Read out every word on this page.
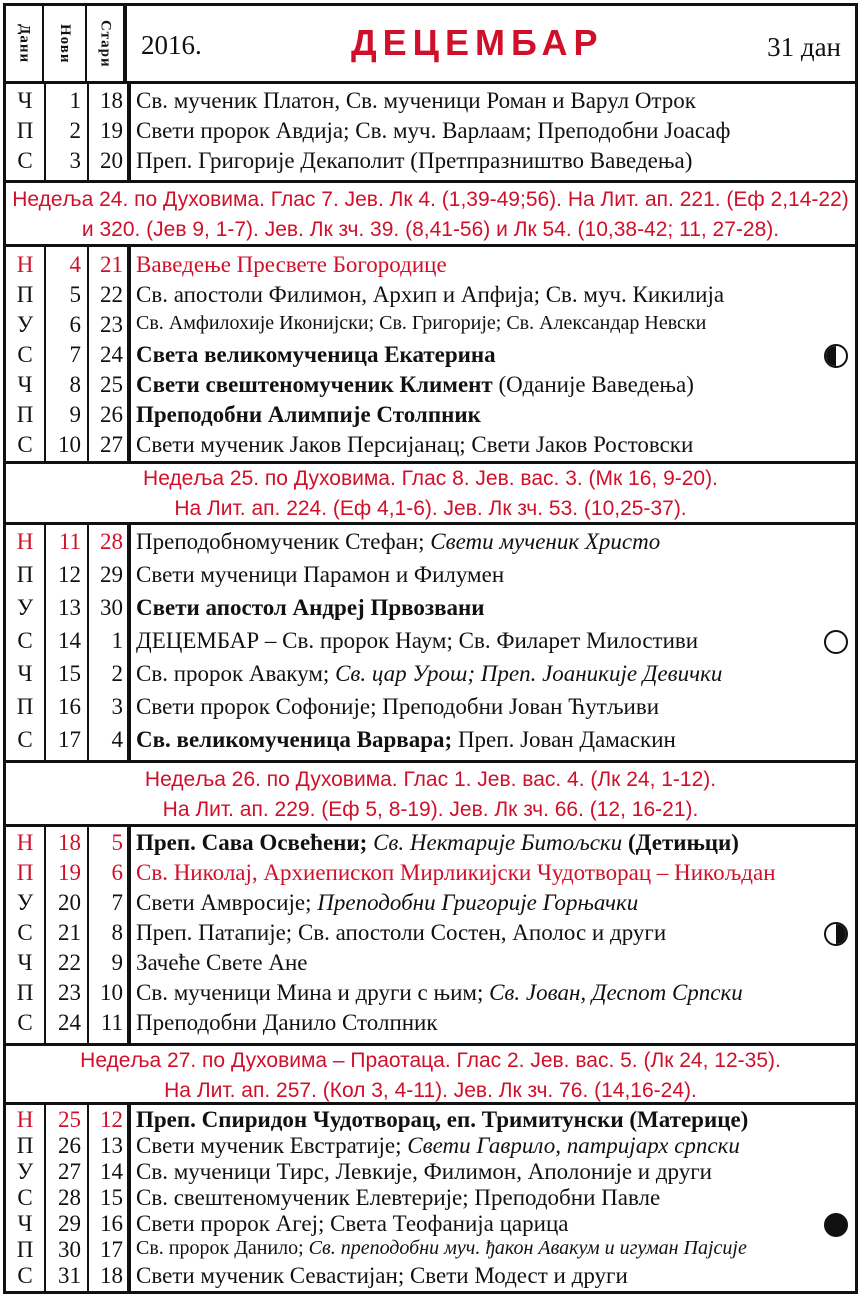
Дани Нови Стари 2016.	ДЕЦЕМБАР	31 дан
Ч	1 18 Св. мученик Платон, Св. мученици Роман и Варул Отрок
П	2 19 Свети пророк Авдија; Св. муч. Варлаам; Преподобни Јоасаф
С	3 20 Преп. Григорије Декаполит (Претпразништво Ваведења)
Недеља 24. по Духовима. Глас 7. Јев. Лк 4. (1,39-49;56). На Лит. ап. 221. (Еф 2,14-22)
и 320. (Јев 9, 1-7). Јев. Лк зч. 39. (8,41-56) и Лк 54. (10,38-42; 11, 27-28).
Н	4 21 Ваведење Пресвете Богородице
П	5 22 Св. апостоли Филимон, Архип и Апфија; Св. муч. Кикилија
У	6 23 Св. Амфилохије Иконијски; Св. Григорије; Св. Александар Невски
С	7 24 Света великомученица Екатерина
Ч	8 25 Свети свештеномученик Климент (Оданије Ваведења)
П	9 26 Преподобни Алимпије Столпник
С	10 27 Свети мученик Јаков Персијанац; Свети Јаков Ростовски
Недеља 25. по Духовима. Глас 8. Јев. вас. 3. (Мк 16, 9-20).
На Лит. ап. 224. (Еф 4,1-6). Јев. Лк зч. 53. (10,25-37).
Н	11 28 Преподобномученик Стефан; Свети мученик Христо
П	12 29 Свети мученици Парамон и Филумен
У	13 30 Свети апостол Андреј Првозвани
С	14	1 ДЕЦЕМБАР – Св. пророк Наум; Св. Филарет Милостиви
Ч	15	2 Св. пророк Авакум; Св. цар Урош; Преп. Јоаникије Девички
П	16	3 Свети пророк Софоније; Преподобни Јован Ћутљиви
С	17	4 Св. великомученица Варвара; Преп. Јован Дамаскин
Недеља 26. по Духовима. Глас 1. Јев. вас. 4. (Лк 24, 1-12).
На Лит. ап. 229. (Еф 5, 8-19). Јев. Лк зч. 66. (12, 16-21).
Н	18	5 Преп. Сава Освећени; Св. Нектарије Битољски (Детињци)
П	19	6 Св. Николај, Архиепископ Мирликијски Чудотворац – Никољдан
У	20	7 Свети Амвросије; Преподобни Григорије Горњачки
С	21	8 Преп. Патапије; Св. апостоли Состен, Аполос и други
Ч	22	9 Зачеће Свете Ане
П	23 10 Св. мученици Мина и други с њим; Св. Јован, Деспот Српски
С	24 11 Преподобни Данило Столпник
Недеља 27. по Духовима – Праотаца. Глас 2. Јев. вас. 5. (Лк 24, 12-35).
На Лит. ап. 257. (Кол 3, 4-11). Јев. Лк зч. 76. (14,16-24).
Н	25 12 Преп. Спиридон Чудотворац, еп. Тримитунски (Материце)
П	26 13 Свети мученик Евстратије; Свети Гаврило, патријарх српски
У	27 14 Св. мученици Тирс, Левкије, Филимон, Аполоније и други
С	28 15 Св. свештеномученик Елевтерије; Преподобни Павле
Ч	29 16 Свети пророк Агеј; Света Теофанија царица
П	30 17 Св. пророк Данило; Св. преподобни муч. ђакон Авакум и игуман Пајсије
С	31 18 Свети мученик Севастијан; Свети Модест и други
